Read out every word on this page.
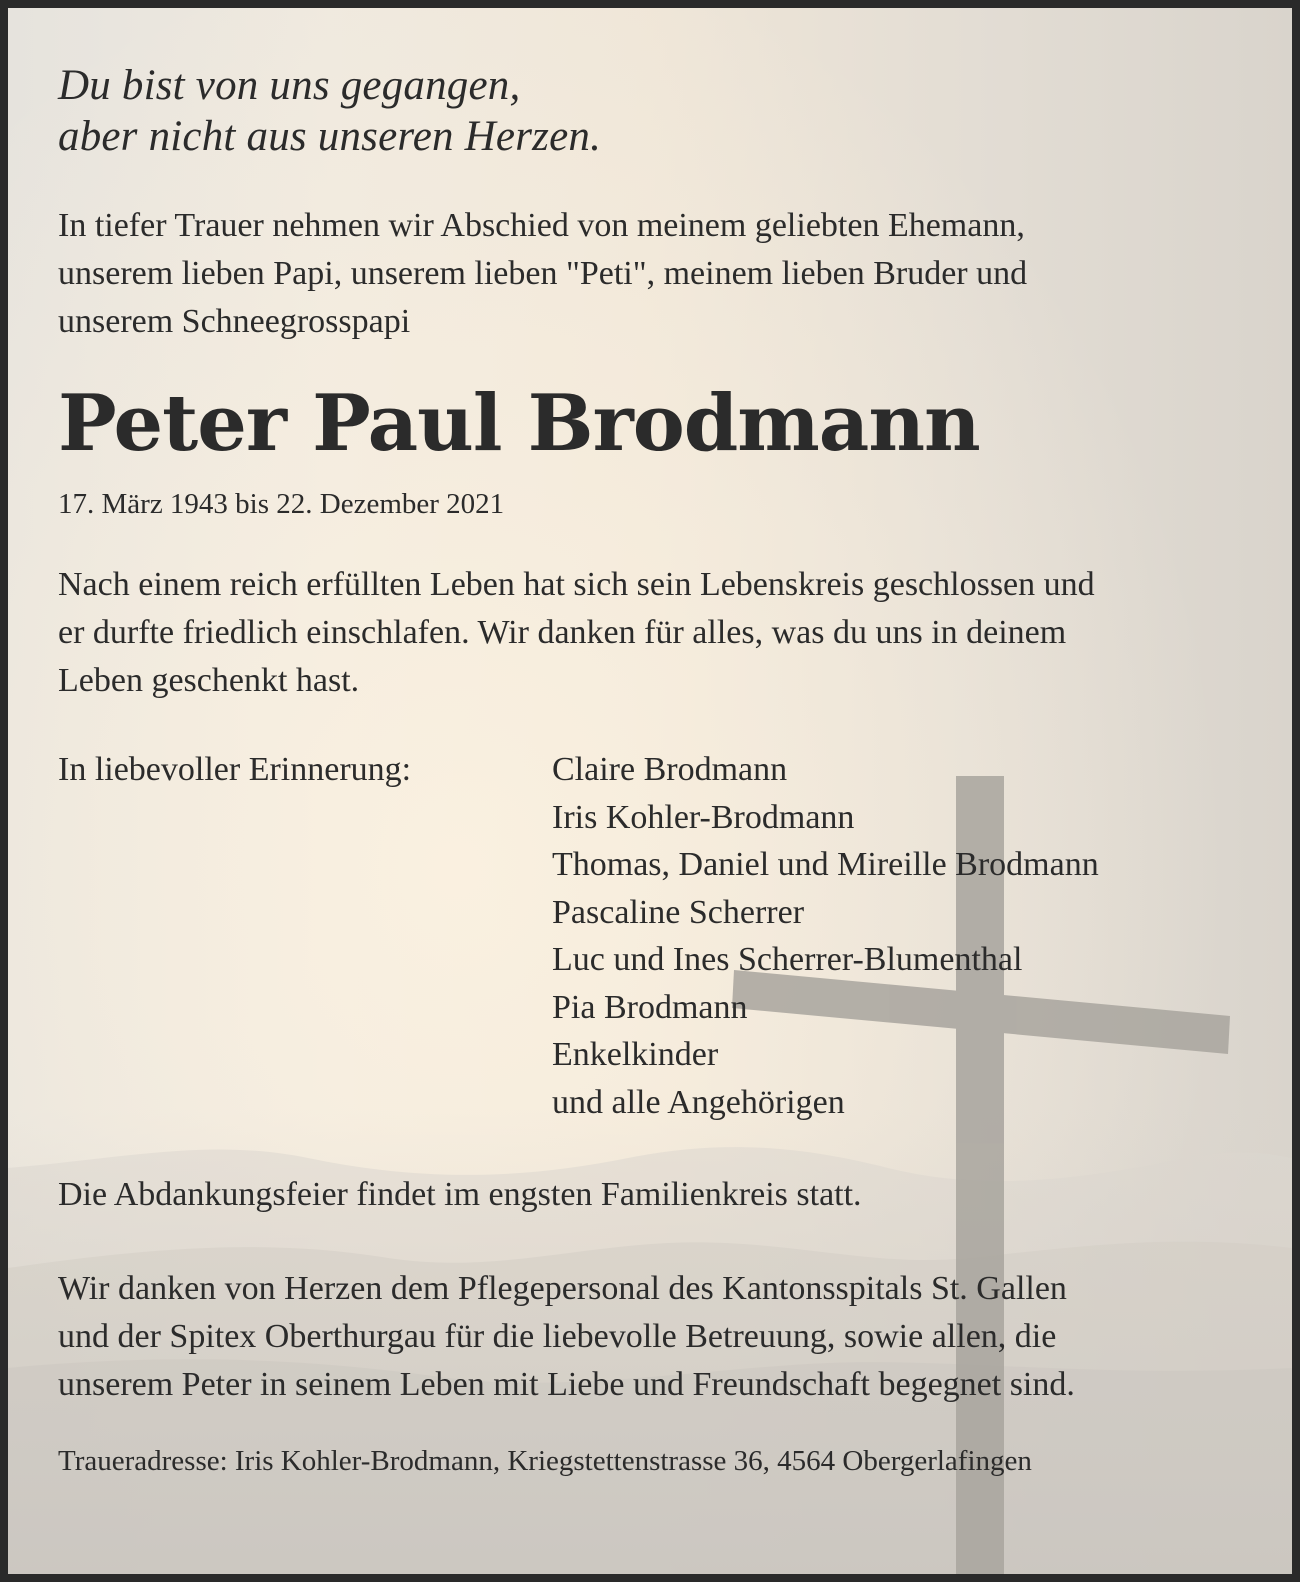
Du bist von uns gegangen,
aber nicht aus unseren Herzen.

In tiefer Trauer nehmen wir Abschied von meinem geliebten Ehemann,
unserem lieben Papi, unserem lieben "Peti", meinem lieben Bruder und
unserem Schneegrosspapi

Peter Paul Brodmann

17. März 1943 bis 22. Dezember 2021

Nach einem reich erfüllten Leben hat sich sein Lebenskreis geschlossen und
er durfte friedlich einschlafen. Wir danken für alles, was du uns in deinem
Leben geschenkt hast.

In liebevoller Erinnerung:	Claire Brodmann
Iris Kohler-Brodmann
Thomas, Daniel und Mireille Brodmann
Pascaline Scherrer
Luc und Ines Scherrer-Blumenthal
Pia Brodmann
Enkelkinder
und alle Angehörigen

Die Abdankungsfeier findet im engsten Familienkreis statt.

Wir danken von Herzen dem Pflegepersonal des Kantonsspitals St. Gallen
und der Spitex Oberthurgau für die liebevolle Betreuung, sowie allen, die
unserem Peter in seinem Leben mit Liebe und Freundschaft begegnet sind.

Traueradresse: Iris Kohler-Brodmann, Kriegstettenstrasse 36, 4564 Obergerlafingen
